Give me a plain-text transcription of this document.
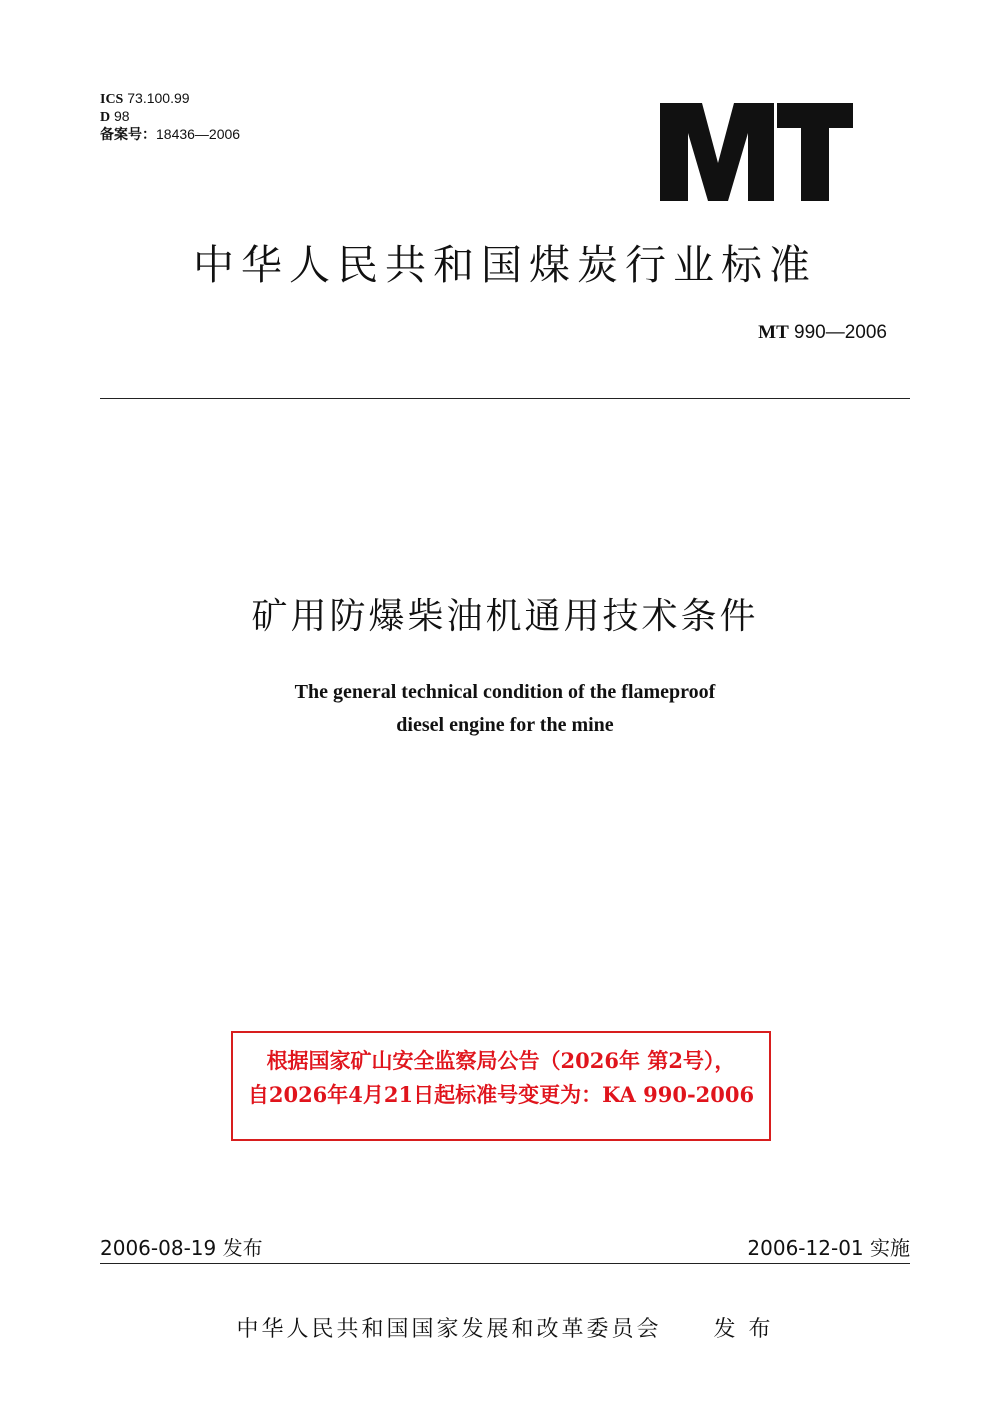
ICS 73.100.99
D 98
备案号：18436—2006
中华人民共和国煤炭行业标准
MT 990—2006
矿用防爆柴油机通用技术条件
The general technical condition of the flameproof
diesel engine for the mine
根据国家矿山安全监察局公告（2026年 第2号），
自2026年4月21日起标准号变更为：KA 990-2006
2006-08-19 发布	2006-12-01 实施
中华人民共和国国家发展和改革委员会 发 布
